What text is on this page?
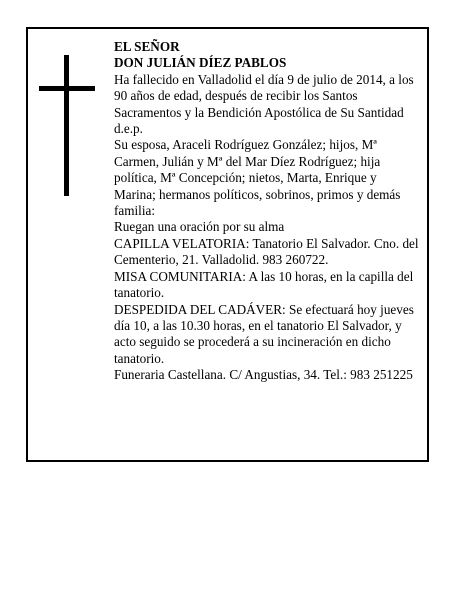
EL SEÑOR

DON JULIÁN DÍEZ PABLOS

Ha fallecido en Valladolid el día 9 de julio de 2014, a los 90 años de edad, después de recibir los Santos Sacramentos y la Bendición Apostólica de Su Santidad d.e.p.

Su esposa, Araceli Rodríguez González; hijos, Mª Carmen, Julián y Mª del Mar Díez Rodríguez; hija política, Mª Concepción; nietos, Marta, Enrique y Marina; hermanos políticos, sobrinos, primos y demás familia:

Ruegan una oración por su alma

CAPILLA VELATORIA: Tanatorio El Salvador. Cno. del Cementerio, 21. Valladolid. 983 260722.

MISA COMUNITARIA: A las 10 horas, en la capilla del tanatorio.

DESPEDIDA DEL CADÁVER: Se efectuará hoy jueves día 10, a las 10.30 horas, en el tanatorio El Salvador, y acto seguido se procederá a su incineración en dicho tanatorio.

Funeraria Castellana. C/ Angustias, 34. Tel.: 983 251225
